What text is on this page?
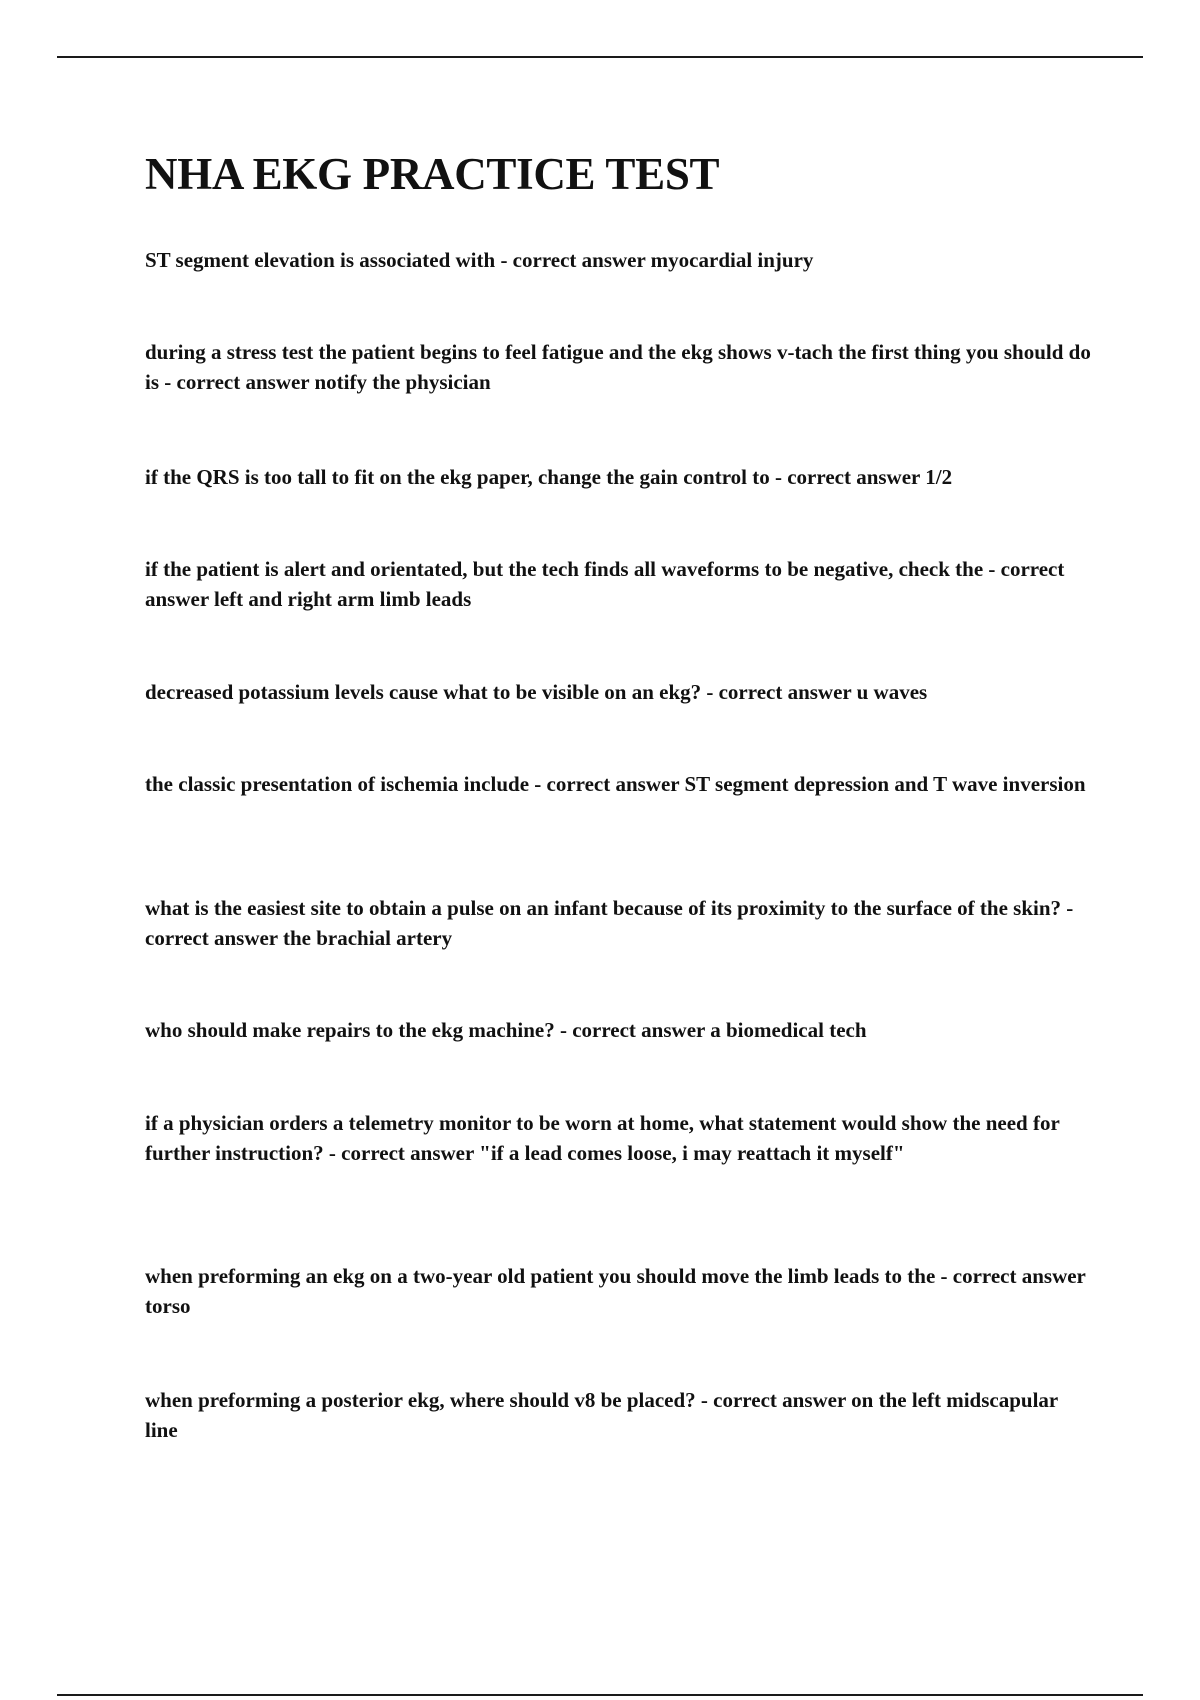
NHA EKG PRACTICE TEST

ST segment elevation is associated with - correct answer myocardial injury

during a stress test the patient begins to feel fatigue and the ekg shows v-tach the first thing you should do is - correct answer notify the physician

if the QRS is too tall to fit on the ekg paper, change the gain control to - correct answer 1/2

if the patient is alert and orientated, but the tech finds all waveforms to be negative, check the - correct answer left and right arm limb leads

decreased potassium levels cause what to be visible on an ekg? - correct answer u waves

the classic presentation of ischemia include - correct answer ST segment depression and T wave inversion

what is the easiest site to obtain a pulse on an infant because of its proximity to the surface of the skin? - correct answer the brachial artery

who should make repairs to the ekg machine? - correct answer a biomedical tech

if a physician orders a telemetry monitor to be worn at home, what statement would show the need for further instruction? - correct answer "if a lead comes loose, i may reattach it myself"

when preforming an ekg on a two-year old patient you should move the limb leads to the - correct answer torso

when preforming a posterior ekg, where should v8 be placed? - correct answer on the left midscapular line
